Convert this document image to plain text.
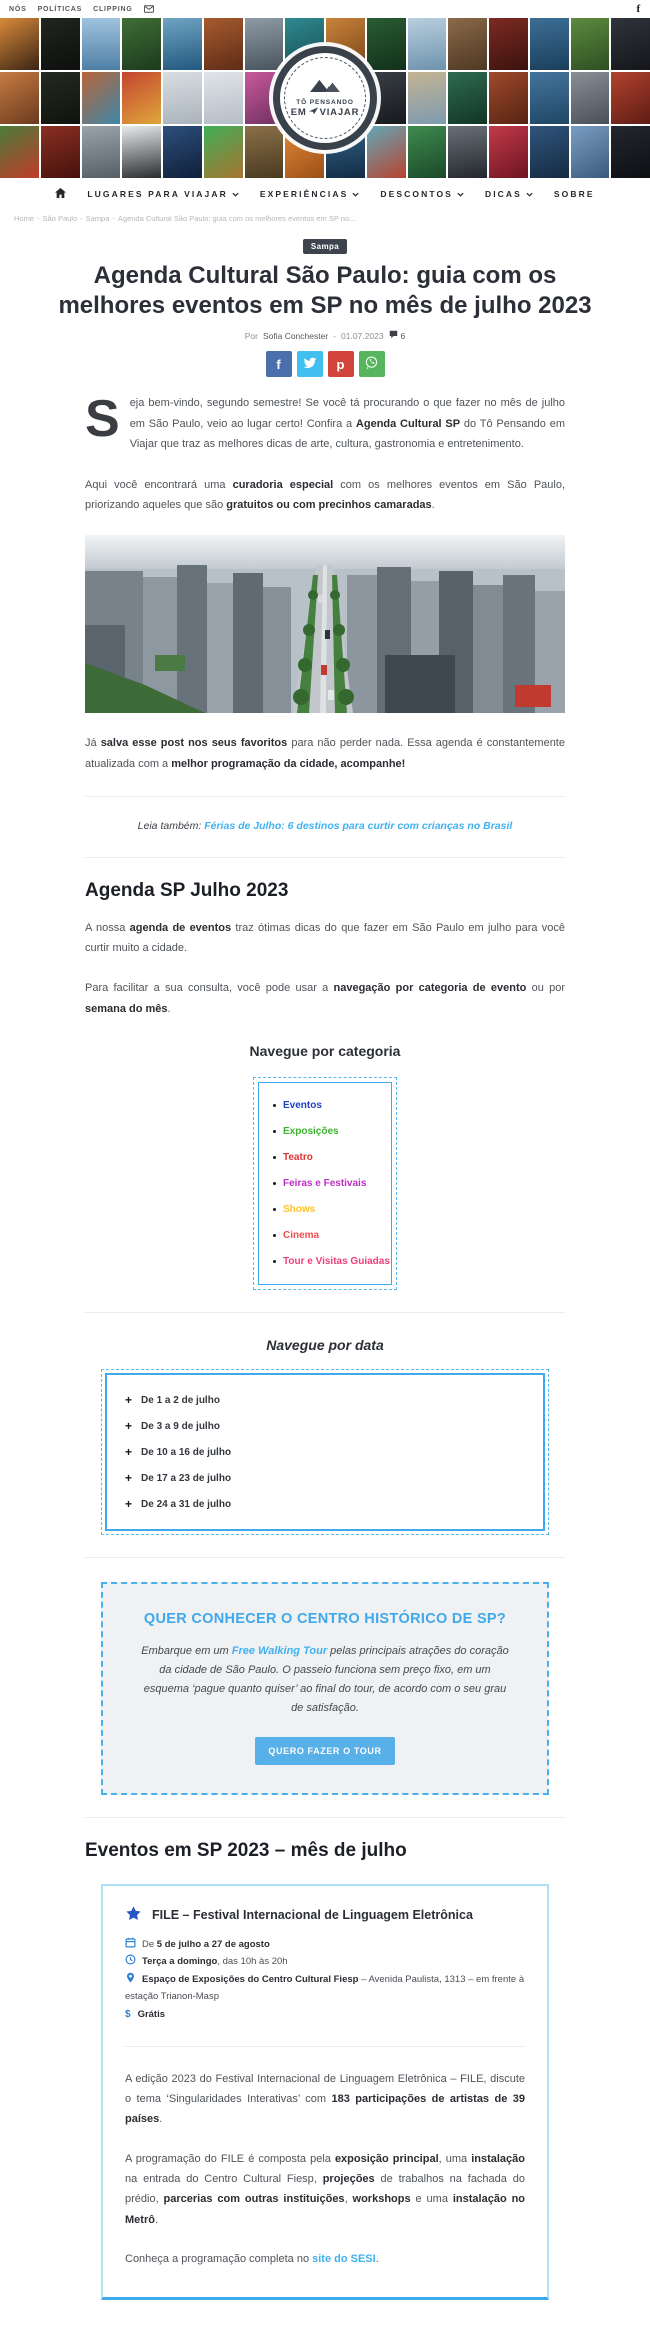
NÓS POLÍTICAS CLIPPING	f
TÔ PENSANDO
EM VIAJAR
LUGARES PARA VIAJAR	EXPERIÊNCIAS	DESCONTOS	DICAS	SOBRE
Home - São Paulo - Sampa - Agenda Cultural São Paulo: guia com os melhores eventos em SP no...
Sampa
Agenda Cultural São Paulo: guia com os melhores eventos em SP no mês de julho 2023
Por Sofia Conchester - 01.07.2023 6
f	p

Seja bem-vindo, segundo semestre! Se você tá procurando o que fazer no mês de julho em São Paulo, veio ao lugar certo! Confira a Agenda Cultural SP do Tô Pensando em Viajar que traz as melhores dicas de arte, cultura, gastronomia e entretenimento.

Aqui você encontrará uma curadoria especial com os melhores eventos em São Paulo, priorizando aqueles que são gratuitos ou com precinhos camaradas.

Já salva esse post nos seus favoritos para não perder nada. Essa agenda é constantemente atualizada com a melhor programação da cidade, acompanhe!

Leia também: Férias de Julho: 6 destinos para curtir com crianças no Brasil

Agenda SP Julho 2023

A nossa agenda de eventos traz ótimas dicas do que fazer em São Paulo em julho para você curtir muito a cidade.

Para facilitar a sua consulta, você pode usar a navegação por categoria de evento ou por semana do mês.

Navegue por categoria
Eventos
Exposições
Teatro
Feiras e Festivais
Shows
Cinema
Tour e Visitas Guiadas
Navegue por data
+ De 1 a 2 de julho
+ De 3 a 9 de julho
+ De 10 a 16 de julho
+ De 17 a 23 de julho
+ De 24 a 31 de julho
QUER CONHECER O CENTRO HISTÓRICO DE SP?

Embarque em um Free Walking Tour pelas principais atrações do coração da cidade de São Paulo. O passeio funciona sem preço fixo, em um esquema ‘pague quanto quiser’ ao final do tour, de acordo com o seu grau de satisfação.

QUERO FAZER O TOUR
Eventos em SP 2023 – mês de julho
FILE – Festival Internacional de Linguagem Eletrônica

De 5 de julho a 27 de agosto

Terça a domingo, das 10h às 20h

Espaço de Exposições do Centro Cultural Fiesp – Avenida Paulista, 1313 – em frente à estação Trianon-Masp

$ Grátis

A edição 2023 do Festival Internacional de Linguagem Eletrônica – FILE, discute o tema ‘Singularidades Interativas’ com 183 participações de artistas de 39 países.

A programação do FILE é composta pela exposição principal, uma instalação na entrada do Centro Cultural Fiesp, projeções de trabalhos na fachada do prédio, parcerias com outras instituições, workshops e uma instalação no Metrô.

Conheça a programação completa no site do SESI.
